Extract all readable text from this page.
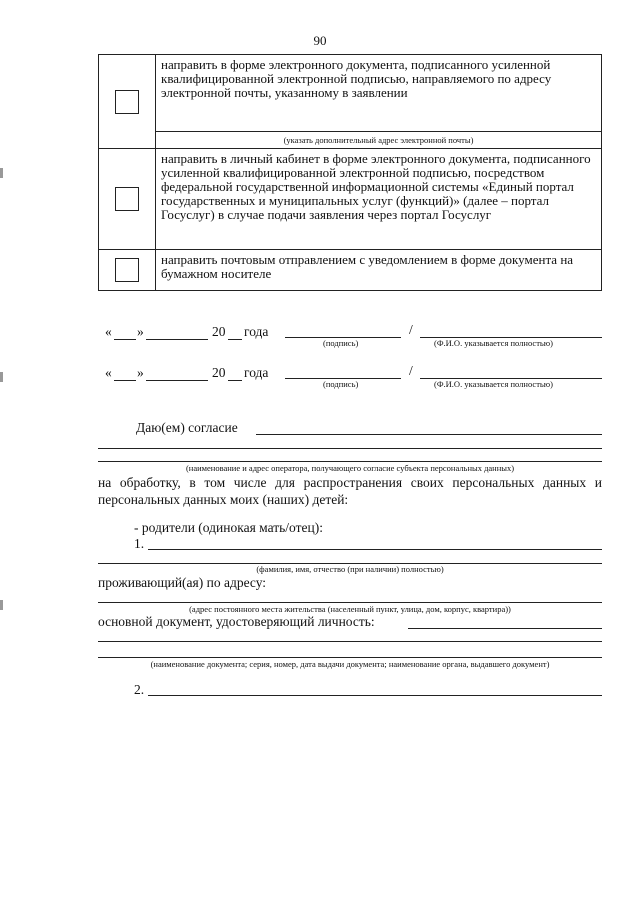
90

	направить в форме электронного документа, подписанного усиленной квалифицированной электронной подписью, направляемого по адресу электронной почты, указанному в заявлении

	(указать дополнительный адрес электронной почты)

	направить в личный кабинет в форме электронного документа, подписанного усиленной квалифицированной электронной подписью, посредством федеральной государственной информационной системы «Единый портал государственных и муниципальных услуг (функций)» (далее – портал Госуслуг) в случае подачи заявления через портал Госуслуг

	направить почтовым отправлением с уведомлением в форме документа на бумажном носителе
« »	20 года	/
(подпись)	(Ф.И.О. указывается полностью)
« »	20 года	/
(подпись)	(Ф.И.О. указывается полностью)
Даю(ем) согласие
(наименование и адрес оператора, получающего согласие субъекта персональных данных)
на обработку, в том числе для распространения своих персональных данных и персональных данных моих (наших) детей:
- родители (одинокая мать/отец):
1.
(фамилия, имя, отчество (при наличии) полностью)
проживающий(ая) по адресу:
(адрес постоянного места жительства (населенный пункт, улица, дом, корпус, квартира))
основной документ, удостоверяющий личность:
(наименование документа; серия, номер, дата выдачи документа; наименование органа, выдавшего документ)
2.
